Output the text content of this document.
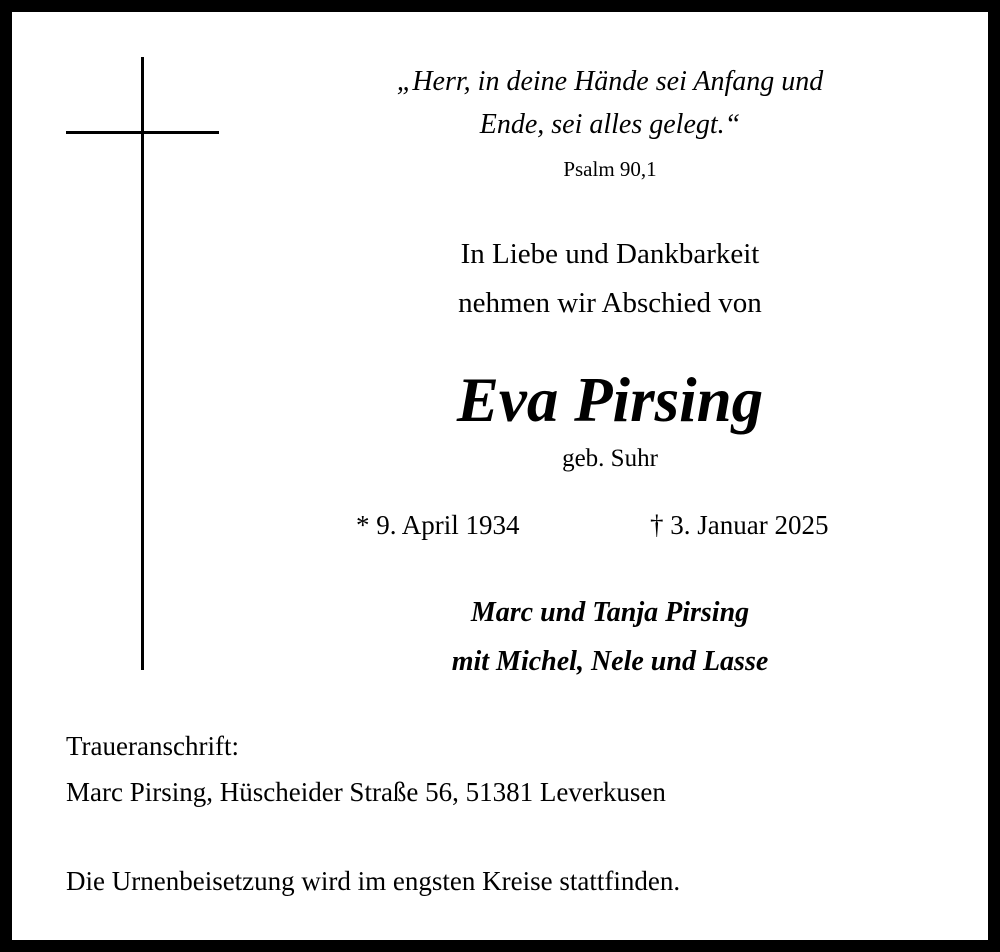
„Herr, in deine Hände sei Anfang und
Ende, sei alles gelegt.“
Psalm 90,1
In Liebe und Dankbarkeit
nehmen wir Abschied von
Eva Pirsing
geb. Suhr
* 9. April 1934	† 3. Januar 2025
Marc und Tanja Pirsing
mit Michel, Nele und Lasse
Traueranschrift:
Marc Pirsing, Hüscheider Straße 56, 51381 Leverkusen
Die Urnenbeisetzung wird im engsten Kreise stattfinden.
